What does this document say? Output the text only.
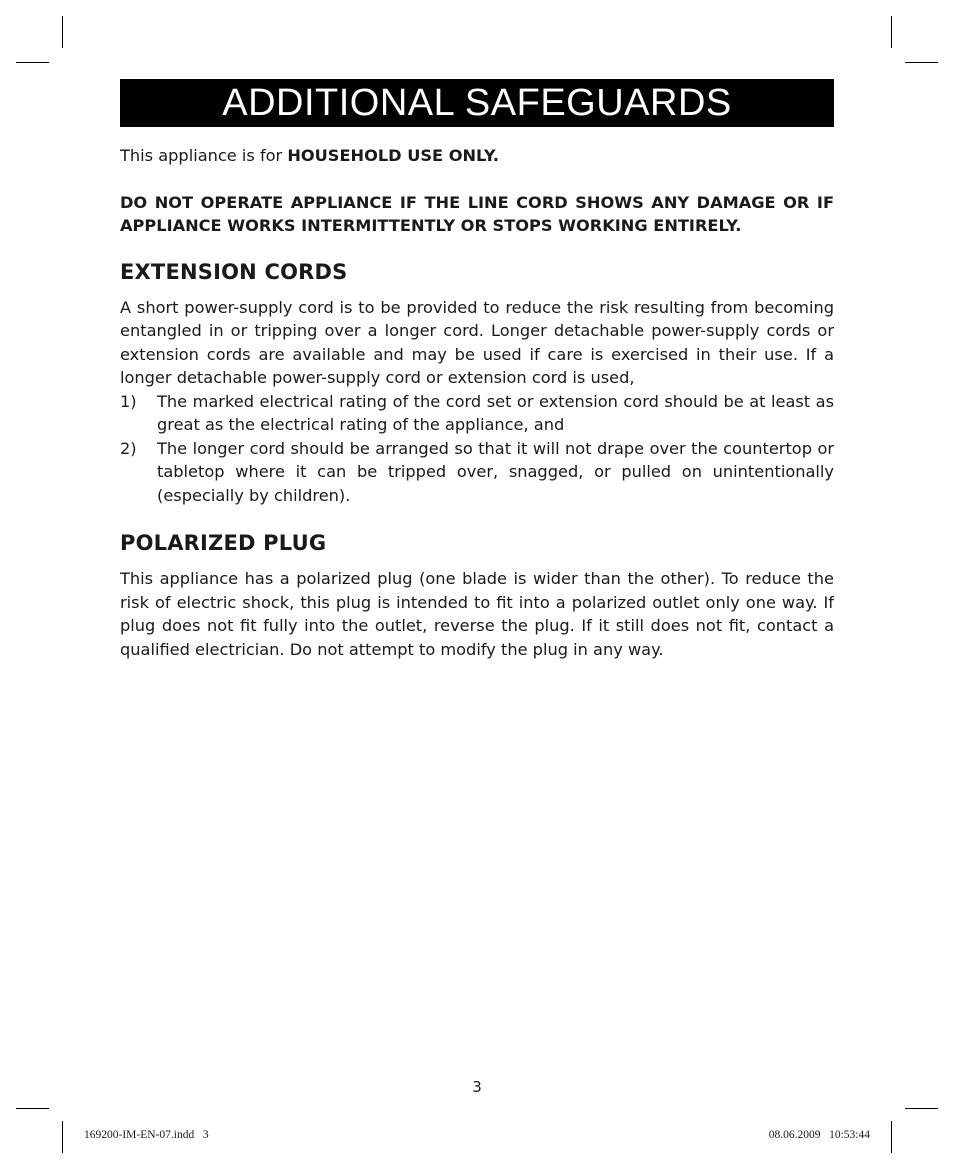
ADDITIONAL SAFEGUARDS

This appliance is for HOUSEHOLD USE ONLY.

DO NOT OPERATE APPLIANCE IF THE LINE CORD SHOWS ANY DAMAGE OR IF APPLIANCE WORKS INTERMITTENTLY OR STOPS WORKING ENTIRELY.

EXTENSION CORDS

A short power-supply cord is to be provided to reduce the risk resulting from becoming entangled in or tripping over a longer cord. Longer detachable power-supply cords or extension cords are available and may be used if care is exercised in their use. If a longer detachable power-supply cord or extension cord is used,

1)	The marked electrical rating of the cord set or extension cord should be at least as great as the electrical rating of the appliance, and
2)	The longer cord should be arranged so that it will not drape over the countertop or tabletop where it can be tripped over, snagged, or pulled on unintentionally (especially by children).
POLARIZED PLUG

This appliance has a polarized plug (one blade is wider than the other). To reduce the risk of electric shock, this plug is intended to fit into a polarized outlet only one way. If plug does not fit fully into the outlet, reverse the plug. If it still does not fit, contact a qualified electrician. Do not attempt to modify the plug in any way.

3
169200-IM-EN-07.indd   3	08.06.2009   10:53:44
